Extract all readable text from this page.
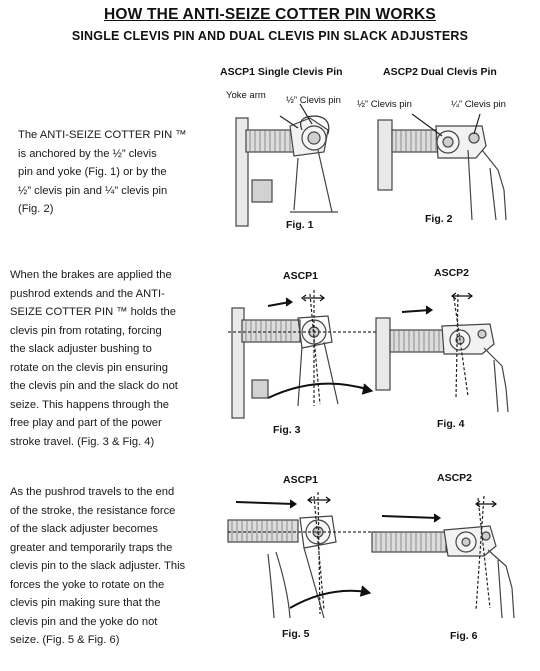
HOW THE ANTI-SEIZE COTTER PIN WORKS
SINGLE CLEVIS PIN AND DUAL CLEVIS PIN SLACK ADJUSTERS
ASCP1 Single Clevis Pin	ASCP2 Dual Clevis Pin
Yoke arm ½” Clevis pin ½” Clevis pin	¼” Clevis pin
The ANTI-SEIZE COTTER PIN ™
is anchored by the ½” clevis
pin and yoke (Fig. 1) or by the
½” clevis pin and ¼” clevis pin
(Fig. 2)
When the brakes are applied the
pushrod extends and the ANTI-
SEIZE COTTER PIN ™ holds the
clevis pin from rotating, forcing
the slack adjuster bushing to
rotate on the clevis pin ensuring
the clevis pin and the slack do not
seize. This happens through the
free play and part of the power
stroke travel. (Fig. 3 & Fig. 4)
As the pushrod travels to the end
of the stroke, the resistance force
of the slack adjuster becomes
greater and temporarily traps the
clevis pin to the slack adjuster. This
forces the yoke to rotate on the
clevis pin making sure that the
clevis pin and the yoke do not
seize. (Fig. 5 & Fig. 6)
Fig. 1	Fig. 2
ASCP1	ASCP2
Fig. 3	Fig. 4
ASCP1	ASCP2
Fig. 5	Fig. 6
